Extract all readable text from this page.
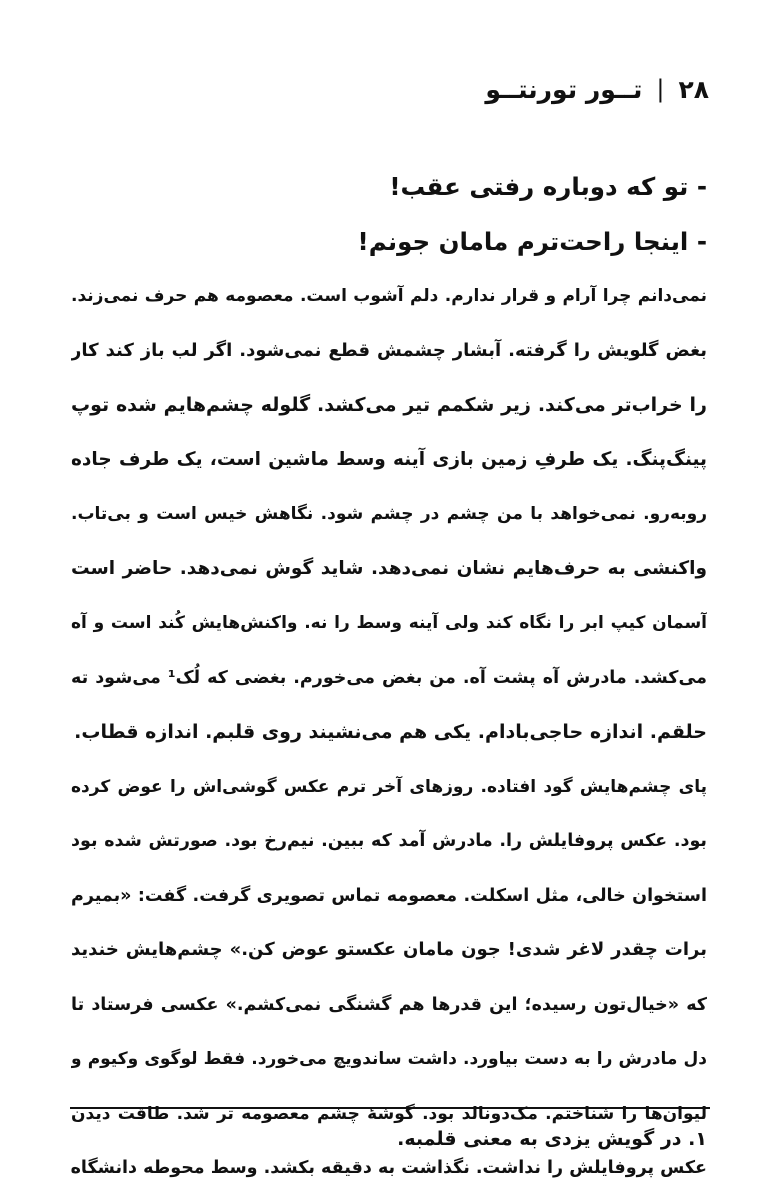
۲۸
|
تــور تورنتــو
- تو که دوباره رفتی عقب!
- اینجا راحت‌ترم مامان جونم!
نمی‌دانم چرا آرام و قرار ندارم. دلم آشوب است. معصومه هم حرف نمی‌زند.
بغض گلویش را گرفته. آبشار چشمش قطع نمی‌شود. اگر لب باز کند کار
را خراب‌تر می‌کند. زیر شکمم تیر می‌کشد. گلوله چشم‌هایم شده توپ
پینگ‌پنگ. یک طرفِ زمین بازی آینه وسط ماشین است، یک طرف جاده
روبه‌رو. نمی‌خواهد با من چشم در چشم شود. نگاهش خیس است و بی‌تاب.
واکنشی به حرف‌هایم نشان نمی‌دهد. شاید گوش نمی‌دهد. حاضر است
آسمان کیپ ابر را نگاه کند ولی آینه وسط را نه. واکنش‌هایش کُند است و آه
می‌کشد. مادرش آه پشت آه. من بغض می‌خورم. بغضی که لُک¹ می‌شود ته
حلقم. اندازه حاجی‌بادام. یکی هم می‌نشیند روی قلبم. اندازه قطاب.
پای چشم‌هایش گود افتاده. روزهای آخر ترم عکس گوشی‌اش را عوض کرده
بود. عکس پروفایلش را. مادرش آمد که ببین. نیم‌رخ بود. صورتش شده بود
استخوان خالی، مثل اسکلت. معصومه تماس تصویری گرفت. گفت: «بمیرم
برات چقدر لاغر شدی! جون مامان عکستو عوض کن.» چشم‌هایش خندید
که «خیال‌تون رسیده؛ این قدرها هم گشنگی نمی‌کشم.» عکسی فرستاد تا
دل مادرش را به دست بیاورد. داشت ساندویچ می‌خورد. فقط لوگوی وکیوم و
لیوان‌ها را شناختم. مک‌دونالد بود. گوشهٔ چشم معصومه تر شد. طاقت دیدن
عکس پروفایلش را نداشت. نگذاشت به دقیقه بکشد. وسط محوطه دانشگاه
۱. در گویش یزدی به معنی قلمبه.
